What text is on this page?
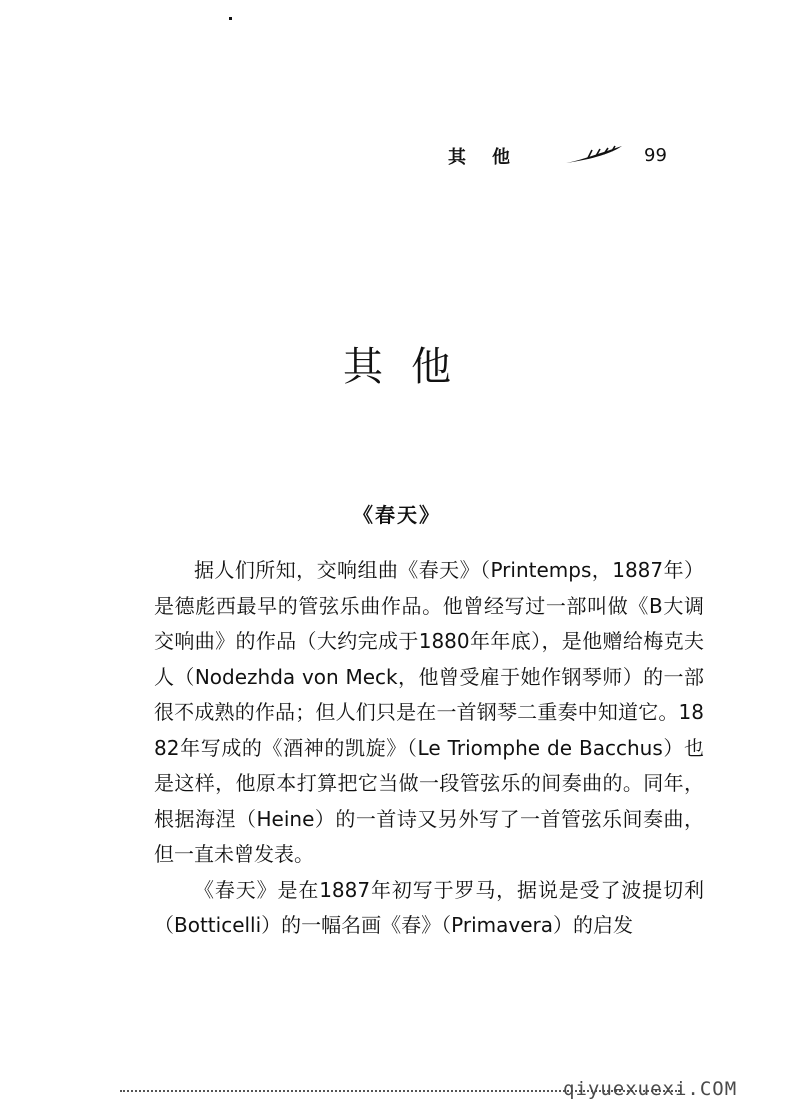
其他	99
其他
《春天》

据人们所知，交响组曲《春天》（Printemps，1887年）是德彪西最早的管弦乐曲作品。他曾经写过一部叫做《B大调交响曲》的作品（大约完成于1880年年底），是他赠给梅克夫人（Nodezhda von Meck，他曾受雇于她作钢琴师）的一部很不成熟的作品；但人们只是在一首钢琴二重奏中知道它。1882年写成的《酒神的凯旋》（Le Triomphe de Bacchus）也是这样，他原本打算把它当做一段管弦乐的间奏曲的。同年，根据海涅（Heine）的一首诗又另外写了一首管弦乐间奏曲，但一直未曾发表。

《春天》是在1887年初写于罗马，据说是受了波提切利（Botticelli）的一幅名画《春》（Primavera）的启发

qiyuexuexi.COM
